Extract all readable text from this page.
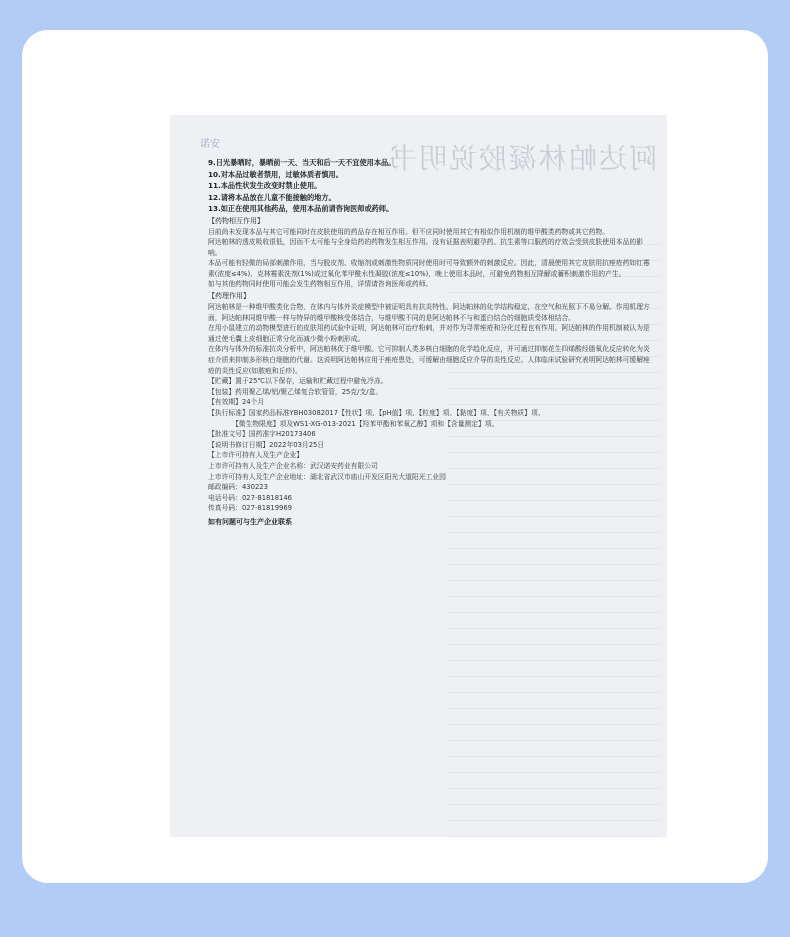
阿达帕林凝胶说明书
诺安
9.日光暴晒时，暴晒前一天、当天和后一天不宜使用本品。
10.对本品过敏者禁用，过敏体质者慎用。
11.本品性状发生改变时禁止使用。
12.请将本品放在儿童不能接触的地方。
13.如正在使用其他药品，使用本品前请咨询医师或药师。
【药物相互作用】
目前尚未发现本品与其它可能同时在皮肤使用的药品存在相互作用。但不应同时使用其它有相似作用机制的维甲酸类药物或其它药物。
阿达帕林的透皮吸收很低，因而不太可能与全身给药的药物发生相互作用。没有证据表明避孕药、抗生素等口服药的疗效会受到皮肤使用本品的影响。
本品可能有轻微的局部刺激作用，当与脱皮剂、收缩剂或刺激性物质同时使用时可导致额外的刺激反应。因此，清晨使用其它皮肤用抗痤疮药如红霉素(浓度≤4%)、克林霉素洗剂(1%)或过氧化苯甲酰水性凝胶(浓度≤10%)，晚上使用本品时，可避免药物相互降解或蓄积刺激作用的产生。
如与其他药物同时使用可能会发生药物相互作用，详情请咨询医师或药师。
【药理作用】
阿达帕林是一种维甲酸类化合物，在体内与体外炎症模型中被证明具有抗炎特性。阿达帕林的化学结构稳定，在空气和光照下不易分解。作用机理方面，阿达帕林同维甲酸一样与特异的维甲酸核受体结合，与维甲酸不同的是阿达帕林不与和蛋白结合的细胞质受体相结合。
在用小鼠建立的动物模型进行的皮肤用药试验中证明，阿达帕林可治疗粉刺，并对作为寻常痤疮和分化过程也有作用。阿达帕林的作用机制被认为是通过使毛囊上皮细胞正常分化而减少微小粉刺形成。
在体内与体外的标准抗炎分析中，阿达帕林优于维甲酸。它可抑制人类多核白细胞的化学趋化反应，并可通过抑制花生四烯酸经脂氧化反应转化为炎症介质来抑制多形核白细胞的代谢。这说明阿达帕林应用于痤疮患处，可缓解由细胞反应介导的炎性反应。人体临床试验研究表明阿达帕林可缓解痤疮的炎性反应(如脓疱和丘疹)。
【贮藏】置于25℃以下保存，运输和贮藏过程中避免冷冻。
【包装】药用聚乙烯/铝/聚乙烯复合软管管，25克/支/盒。
【有效期】24个月
【执行标准】国家药品标准YBH03082017【性状】项、【pH值】项、【粒度】项、【黏度】项、【有关物质】项、
【微生物限度】项及WS1-XG-013-2021【羟苯甲酯和苯氧乙醇】项和【含量测定】项。
【批准文号】国药准字H20173406
【说明书修订日期】2022年03月25日
【上市许可持有人及生产企业】
上市许可持有人及生产企业名称：武汉诺安药业有限公司
上市许可持有人及生产企业地址：湖北省武汉市庙山开发区阳光大道阳光工业园
邮政编码：430223
电话号码：027-81818146
传真号码：027-81819969
如有问题可与生产企业联系
